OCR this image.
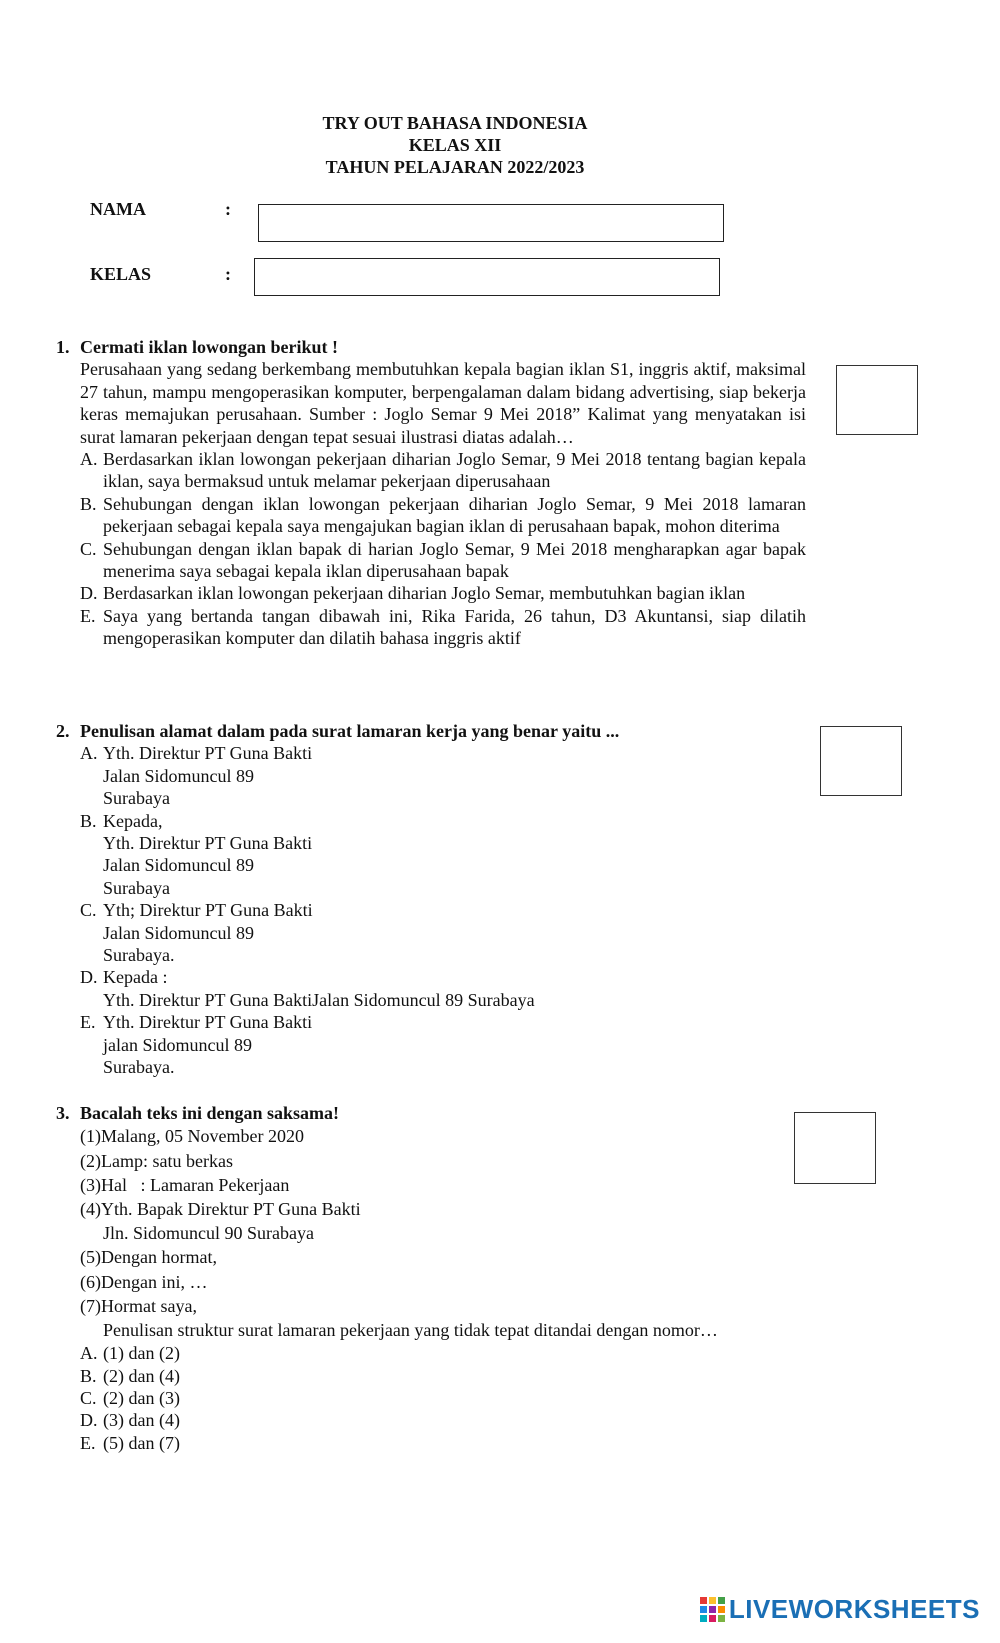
TRY OUT BAHASA INDONESIA
KELAS XII
TAHUN PELAJARAN 2022/2023
NAMA	:
KELAS	:
1. Cermati iklan lowongan berikut !
Perusahaan yang sedang berkembang membutuhkan kepala bagian iklan S1, inggris aktif, maksimal 27 tahun, mampu mengoperasikan komputer, berpengalaman dalam bidang advertising, siap bekerja keras memajukan perusahaan. Sumber : Joglo Semar 9 Mei 2018” Kalimat yang menyatakan isi surat lamaran pekerjaan dengan tepat sesuai ilustrasi diatas adalah…
A. Berdasarkan iklan lowongan pekerjaan diharian Joglo Semar, 9 Mei 2018 tentang bagian kepala iklan, saya bermaksud untuk melamar pekerjaan diperusahaan
B. Sehubungan dengan iklan lowongan pekerjaan diharian Joglo Semar, 9 Mei 2018 lamaran pekerjaan sebagai kepala saya mengajukan bagian iklan di perusahaan bapak, mohon diterima
C. Sehubungan dengan iklan bapak di harian Joglo Semar, 9 Mei 2018 mengharapkan agar bapak menerima saya sebagai kepala iklan diperusahaan bapak
D. Berdasarkan iklan lowongan pekerjaan diharian Joglo Semar, membutuhkan bagian iklan
E. Saya yang bertanda tangan dibawah ini, Rika Farida, 26 tahun, D3 Akuntansi, siap dilatih mengoperasikan komputer dan dilatih bahasa inggris aktif
2. Penulisan alamat dalam pada surat lamaran kerja yang benar yaitu ...
A. Yth. Direktur PT Guna Bakti
Jalan Sidomuncul 89
Surabaya
B. Kepada,
Yth. Direktur PT Guna Bakti
Jalan Sidomuncul 89
Surabaya
C. Yth; Direktur PT Guna Bakti
Jalan Sidomuncul 89
Surabaya.
D. Kepada :
Yth. Direktur PT Guna BaktiJalan Sidomuncul 89 Surabaya
E. Yth. Direktur PT Guna Bakti
jalan Sidomuncul 89
Surabaya.
3. Bacalah teks ini dengan saksama!
(1)Malang, 05 November 2020
(2)Lamp: satu berkas
(3)Hal   : Lamaran Pekerjaan
(4)Yth. Bapak Direktur PT Guna Bakti
Jln. Sidomuncul 90 Surabaya
(5)Dengan hormat,
(6)Dengan ini, …
(7)Hormat saya,
Penulisan struktur surat lamaran pekerjaan yang tidak tepat ditandai dengan nomor…
A. (1) dan (2)
B. (2) dan (4)
C. (2) dan (3)
D. (3) dan (4)
E. (5) dan (7)
LIVEWORKSHEETS
